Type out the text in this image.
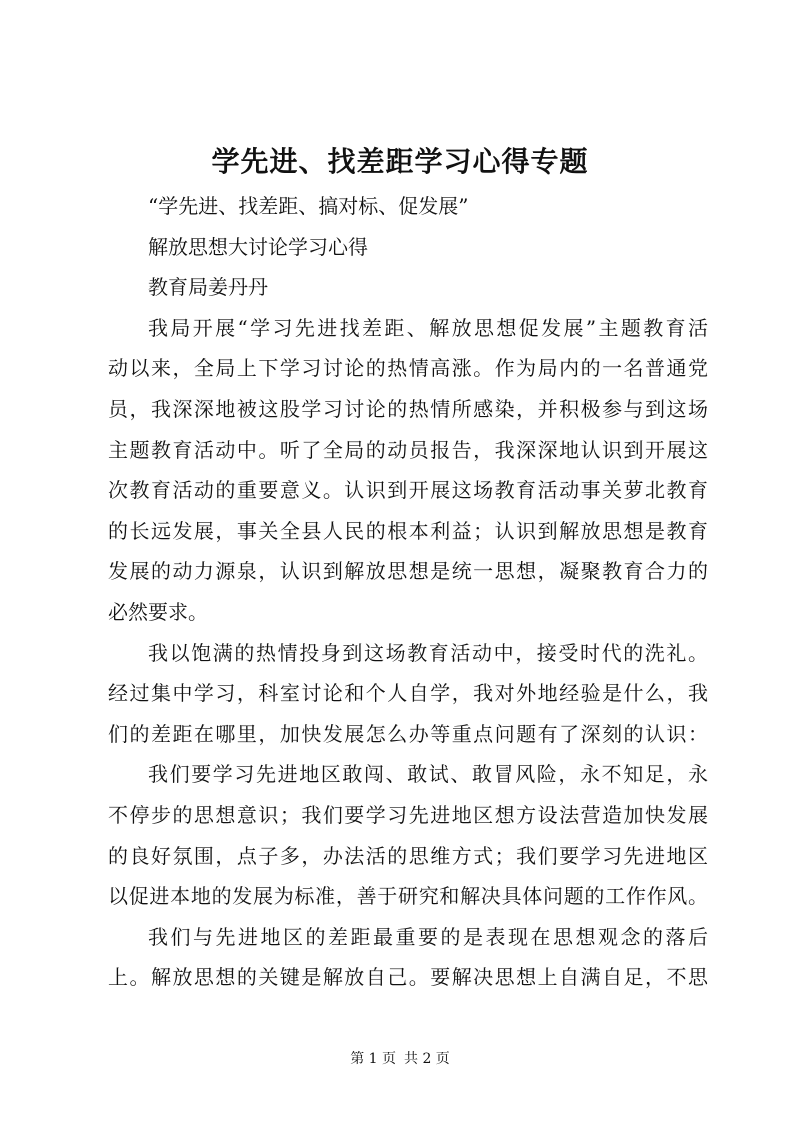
学先进、找差距学习心得专题
“学先进、找差距、搞对标、促发展”
解放思想大讨论学习心得
教育局姜丹丹
我局开展“学习先进找差距、解放思想促发展”主题教育活
动以来，全局上下学习讨论的热情高涨。作为局内的一名普通党
员，我深深地被这股学习讨论的热情所感染，并积极参与到这场
主题教育活动中。听了全局的动员报告，我深深地认识到开展这
次教育活动的重要意义。认识到开展这场教育活动事关萝北教育
的长远发展，事关全县人民的根本利益；认识到解放思想是教育
发展的动力源泉，认识到解放思想是统一思想，凝聚教育合力的
必然要求。
我以饱满的热情投身到这场教育活动中，接受时代的洗礼。
经过集中学习，科室讨论和个人自学，我对外地经验是什么，我
们的差距在哪里，加快发展怎么办等重点问题有了深刻的认识：
我们要学习先进地区敢闯、敢试、敢冒风险，永不知足，永
不停步的思想意识；我们要学习先进地区想方设法营造加快发展
的良好氛围，点子多，办法活的思维方式；我们要学习先进地区
以促进本地的发展为标准，善于研究和解决具体问题的工作作风。
我们与先进地区的差距最重要的是表现在思想观念的落后
上。解放思想的关键是解放自己。要解决思想上自满自足，不思
第 1 页 共 2 页
